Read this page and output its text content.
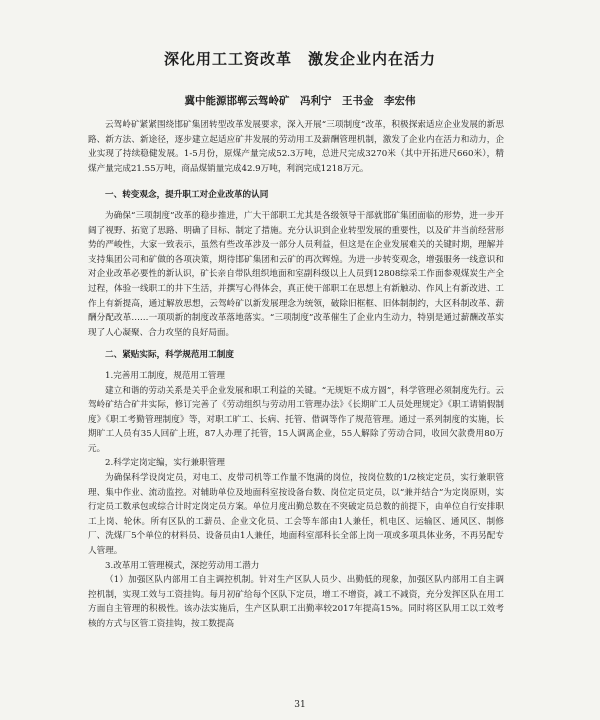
深化用工工资改革　激发企业内在活力
冀中能源邯郸云驾岭矿　冯利宁　王书金　李宏伟

云驾岭矿紧紧围绕邯矿集团转型改革发展要求，深入开展“三项制度”改革，积极探索适应企业发展的新思路、新方法、新途径，逐步建立起适应矿井发展的劳动用工及薪酬管理机制，激发了企业内在活力和动力，企业实现了持续稳健发展。1-5月份，原煤产量完成52.3万吨，总进尺完成3270米（其中开拓进尺660米），精煤产量完成21.55万吨，商品煤销量完成42.9万吨，利润完成1218万元。

一、转变观念，提升职工对企业改革的认同

为确保“三项制度”改革的稳步推进，广大干部职工尤其是各级领导干部就邯矿集团面临的形势，进一步开阔了视野、拓宽了思路、明确了目标、制定了措施。充分认识到企业转型发展的重要性，以及矿井当前经营形势的严峻性，大家一致表示，虽然有些改革涉及一部分人员利益，但这是在企业发展难关的关键时期，理解并支持集团公司和矿做的各项决策，期待邯矿集团和云矿的再次辉煌。为进一步转变观念，增强服务一线意识和对企业改革必要性的新认识，矿长亲自带队组织地面和室副科级以上人员到12808综采工作面参观煤炭生产全过程，体验一线职工的井下生活，并撰写心得体会，真正使干部职工在思想上有新触动、作风上有新改进、工作上有新提高，通过解放思想，云驾岭矿以新发展理念为统领，破除旧框框、旧体制制约，大区科制改革、薪酬分配改革……一项项新的制度改革落地落实。“三项制度”改革催生了企业内生动力，特别是通过薪酬改革实现了人心凝聚、合力攻坚的良好局面。

二、紧贴实际，科学规范用工制度

1.完善用工制度，规范用工管理

建立和谐的劳动关系是关乎企业发展和职工利益的关键。“无规矩不成方圆”，科学管理必须制度先行。云驾岭矿结合矿井实际，修订完善了《劳动组织与劳动用工管理办法》《长期旷工人员处理规定》《职工请销假制度》《职工考勤管理制度》等，对职工旷工、长病、托管、借调等作了规范管理。通过一系列制度的实施，长期旷工人员有35人回矿上班，87人办理了托管，15人调离企业，55人解除了劳动合同，收回欠款费用80万元。

2.科学定岗定编，实行兼职管理

为确保科学设岗定员，对电工、皮带司机等工作量不饱满的岗位，按岗位数的1/2核定定员，实行兼职管理、集中作业、流动监控。对辅助单位及地面科室按设备台数、岗位定员定员，以“兼并结合”为定岗原则，实行定员工数承包或综合计时定岗定员方案。单位月度出勤总数在不突破定员总数的前提下，由单位自行安排职工上岗、轮休。所有区队的工薪员、企业文化员、工会等车部由1人兼任，机电区、运输区、通风区、制修厂、洗煤厂5个单位的材料员、设备员由1人兼任，地面科室部科长全部上岗一项或多项具体业务，不再另配专人管理。

3.改革用工管理模式，深挖劳动用工潜力

（1）加强区队内部用工自主调控机制。针对生产区队人员少、出勤低的现象，加强区队内部用工自主调控机制，实现工效与工资挂钩。每月初矿给每个区队下定员，增工不增资，减工不减资，充分发挥区队在用工方面自主管理的积极性。该办法实施后，生产区队职工出勤率较2017年提高15%。同时将区队用工以工效考核的方式与区管工资挂钩，按工数提高

31
